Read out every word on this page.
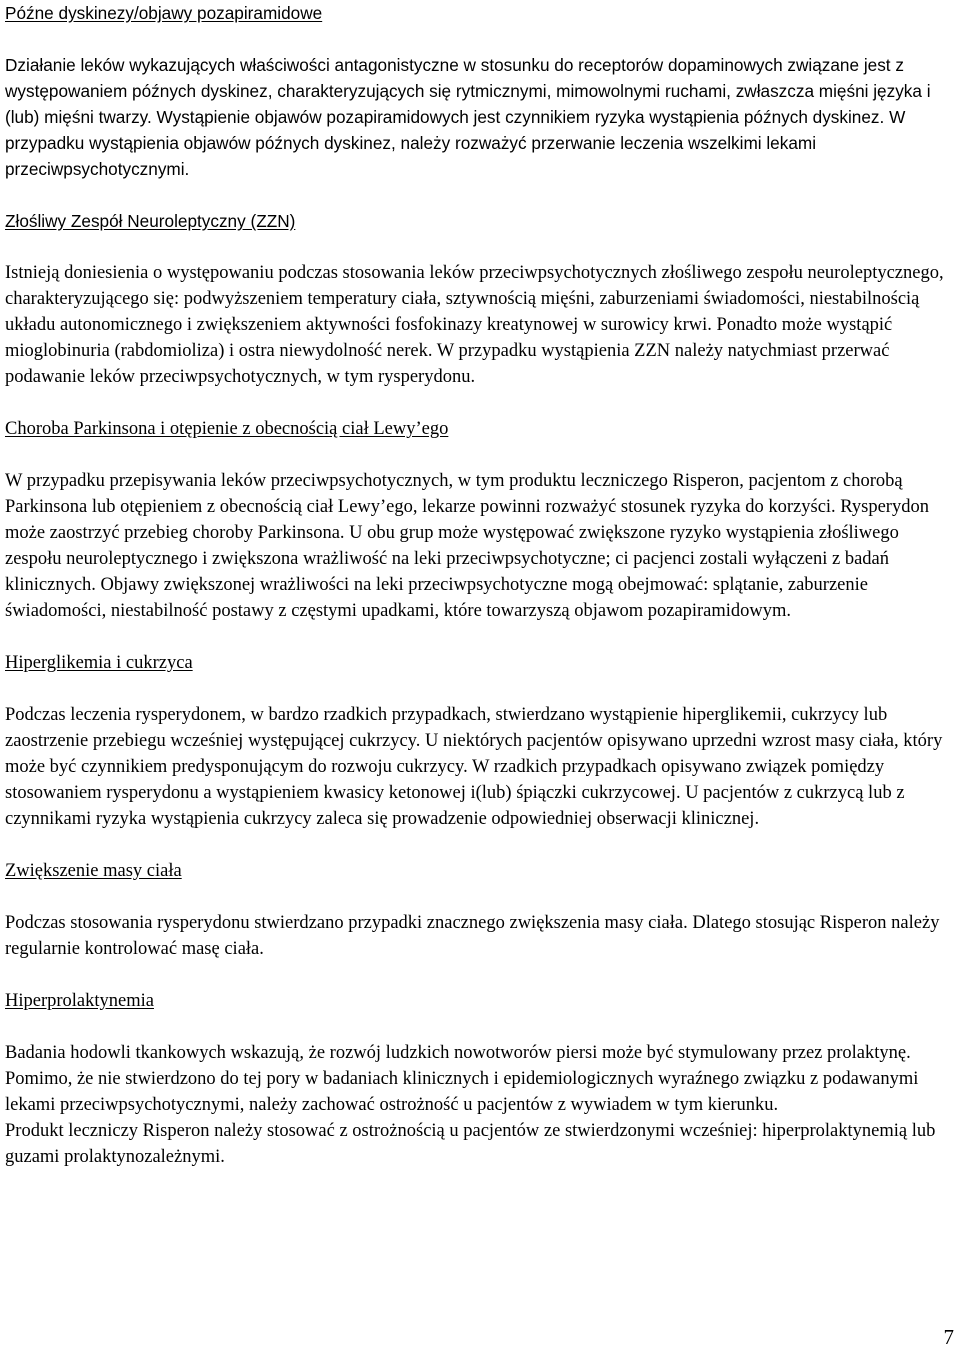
Późne dyskinezy/objawy pozapiramidowe

Działanie leków wykazujących właściwości antagonistyczne w stosunku do receptorów dopaminowych związane jest z występowaniem późnych dyskinez, charakteryzujących się rytmicznymi, mimowolnymi ruchami, zwłaszcza mięśni języka i (lub) mięśni twarzy. Wystąpienie objawów pozapiramidowych jest czynnikiem ryzyka wystąpienia późnych dyskinez. W przypadku wystąpienia objawów późnych dyskinez, należy rozważyć przerwanie leczenia wszelkimi lekami przeciwpsychotycznymi.

Złośliwy Zespół Neuroleptyczny (ZZN)

Istnieją doniesienia o występowaniu podczas stosowania leków przeciwpsychotycznych złośliwego zespołu neuroleptycznego, charakteryzującego się: podwyższeniem temperatury ciała, sztywnością mięśni, zaburzeniami świadomości, niestabilnością układu autonomicznego i zwiększeniem aktywności fosfokinazy kreatynowej w surowicy krwi. Ponadto może wystąpić mioglobinuria (rabdomioliza) i ostra niewydolność nerek. W przypadku wystąpienia ZZN należy natychmiast przerwać podawanie leków przeciwpsychotycznych, w tym rysperydonu.

Choroba Parkinsona i otępienie z obecnością ciał Lewy’ego

W przypadku przepisywania leków przeciwpsychotycznych, w tym produktu leczniczego Risperon, pacjentom z chorobą Parkinsona lub otępieniem z obecnością ciał Lewy’ego, lekarze powinni rozważyć stosunek ryzyka do korzyści. Rysperydon może zaostrzyć przebieg choroby Parkinsona. U obu grup może występować zwiększone ryzyko wystąpienia złośliwego zespołu neuroleptycznego i zwiększona wrażliwość na leki przeciwpsychotyczne; ci pacjenci zostali wyłączeni z badań klinicznych. Objawy zwiększonej wrażliwości na leki przeciwpsychotyczne mogą obejmować: splątanie, zaburzenie świadomości, niestabilność postawy z częstymi upadkami, które towarzyszą objawom pozapiramidowym.

Hiperglikemia i cukrzyca

Podczas leczenia rysperydonem, w bardzo rzadkich przypadkach, stwierdzano wystąpienie hiperglikemii, cukrzycy lub zaostrzenie przebiegu wcześniej występującej cukrzycy. U niektórych pacjentów opisywano uprzedni wzrost masy ciała, który może być czynnikiem predysponującym do rozwoju cukrzycy. W rzadkich przypadkach opisywano związek pomiędzy stosowaniem rysperydonu a wystąpieniem kwasicy ketonowej i(lub) śpiączki cukrzycowej. U pacjentów z cukrzycą lub z czynnikami ryzyka wystąpienia cukrzycy zaleca się prowadzenie odpowiedniej obserwacji klinicznej.

Zwiększenie masy ciała

Podczas stosowania rysperydonu stwierdzano przypadki znacznego zwiększenia masy ciała. Dlatego stosując Risperon należy regularnie kontrolować masę ciała.

Hiperprolaktynemia

Badania hodowli tkankowych wskazują, że rozwój ludzkich nowotworów piersi może być stymulowany przez prolaktynę. Pomimo, że nie stwierdzono do tej pory w badaniach klinicznych i epidemiologicznych wyraźnego związku z podawanymi lekami przeciwpsychotycznymi, należy zachować ostrożność u pacjentów z wywiadem w tym kierunku.

Produkt leczniczy Risperon należy stosować z ostrożnością u pacjentów ze stwierdzonymi wcześniej: hiperprolaktynemią lub guzami prolaktynozależnymi.

7
